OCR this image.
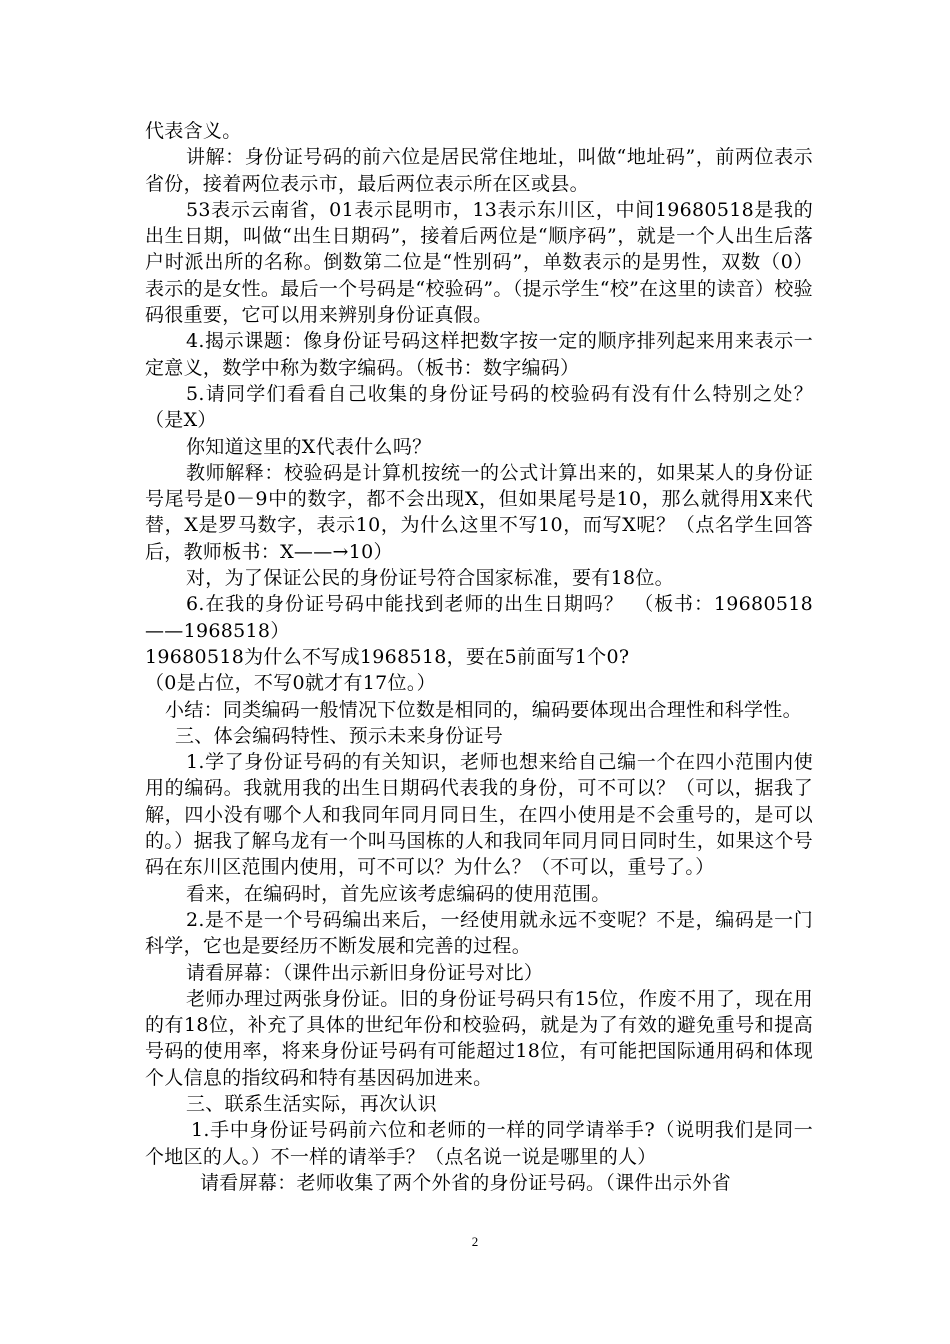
代表含义。

讲解：身份证号码的前六位是居民常住地址，叫做“地址码”，前两位表示省份，接着两位表示市，最后两位表示所在区或县。

53表示云南省，01表示昆明市，13表示东川区，中间19680518是我的出生日期，叫做“出生日期码”，接着后两位是“顺序码”，就是一个人出生后落户时派出所的名称。倒数第二位是“性别码”，单数表示的是男性，双数（0）表示的是女性。最后一个号码是“校验码”。（提示学生“校”在这里的读音）校验码很重要，它可以用来辨别身份证真假。

4.揭示课题：像身份证号码这样把数字按一定的顺序排列起来用来表示一定意义，数学中称为数字编码。（板书：数字编码）

5.请同学们看看自己收集的身份证号码的校验码有没有什么特别之处？（是X）

你知道这里的X代表什么吗？

教师解释：校验码是计算机按统一的公式计算出来的，如果某人的身份证号尾号是0－9中的数字，都不会出现X，但如果尾号是10，那么就得用X来代替，X是罗马数字，表示10，为什么这里不写10，而写X呢？（点名学生回答后，教师板书：X——→10）

对，为了保证公民的身份证号符合国家标准，要有18位。

6.在我的身份证号码中能找到老师的出生日期吗？　（板书：19680518——1968518）

19680518为什么不写成1968518，要在5前面写1个0?

（0是占位，不写0就才有17位。）

小结：同类编码一般情况下位数是相同的，编码要体现出合理性和科学性。

三、体会编码特性、预示未来身份证号

1.学了身份证号码的有关知识，老师也想来给自己编一个在四小范围内使用的编码。我就用我的出生日期码代表我的身份，可不可以？（可以，据我了解，四小没有哪个人和我同年同月同日生，在四小使用是不会重号的，是可以的。）据我了解乌龙有一个叫马国栋的人和我同年同月同日同时生，如果这个号码在东川区范围内使用，可不可以？为什么？（不可以，重号了。）

看来，在编码时，首先应该考虑编码的使用范围。

2.是不是一个号码编出来后，一经使用就永远不变呢？不是，编码是一门科学，它也是要经历不断发展和完善的过程。

请看屏幕：（课件出示新旧身份证号对比）

老师办理过两张身份证。旧的身份证号码只有15位，作废不用了，现在用的有18位，补充了具体的世纪年份和校验码，就是为了有效的避免重号和提高号码的使用率，将来身份证号码有可能超过18位，有可能把国际通用码和体现个人信息的指纹码和特有基因码加进来。

三、联系生活实际，再次认识

1.手中身份证号码前六位和老师的一样的同学请举手?（说明我们是同一个地区的人。）不一样的请举手？（点名说一说是哪里的人）

请看屏幕：老师收集了两个外省的身份证号码。（课件出示外省

2
